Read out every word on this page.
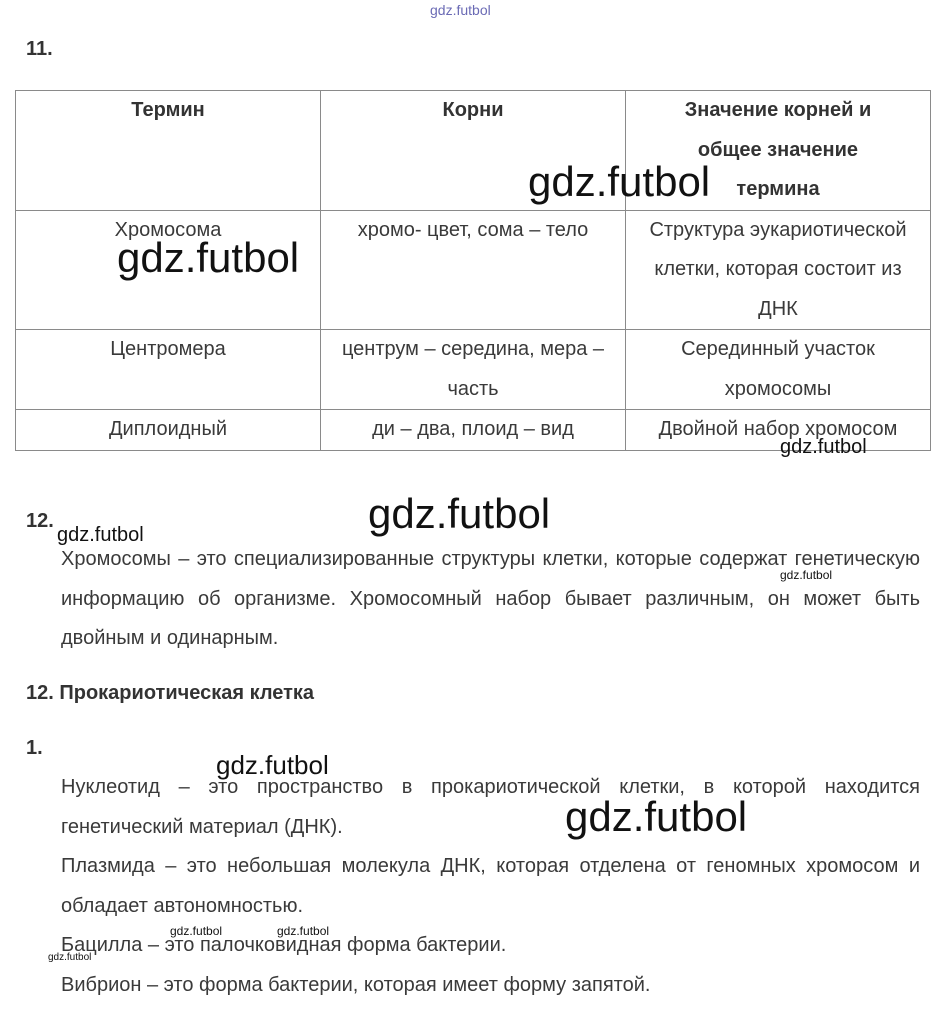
gdz.futbol
11.
Термин	Корни	Значение корней и общее значение термина
Хромосома	хромо- цвет, сома – тело	Структура эукариотической клетки, которая состоит из ДНК
Центромера	центрум – середина, мера – часть	Серединный участок хромосомы
Диплоидный	ди – два, плоид – вид	Двойной набор хромосом
12.
Хромосомы – это специализированные структуры клетки, которые содержат генетическую информацию об организме. Хромосомный набор бывает различным, он может быть двойным и одинарным.
12. Прокариотическая клетка
1.
Нуклеотид – это пространство в прокариотической клетки, в которой находится генетический материал (ДНК).
Плазмида – это небольшая молекула ДНК, которая отделена от геномных хромосом и обладает автономностью.
Бацилла – это палочковидная форма бактерии.
Вибрион – это форма бактерии, которая имеет форму запятой.
gdz.futbol
gdz.futbol
gdz.futbol
gdz.futbol
gdz.futbol
gdz.futbol
gdz.futbol
gdz.futbol
gdz.futbol	gdz.futbol
gdz.futbol
